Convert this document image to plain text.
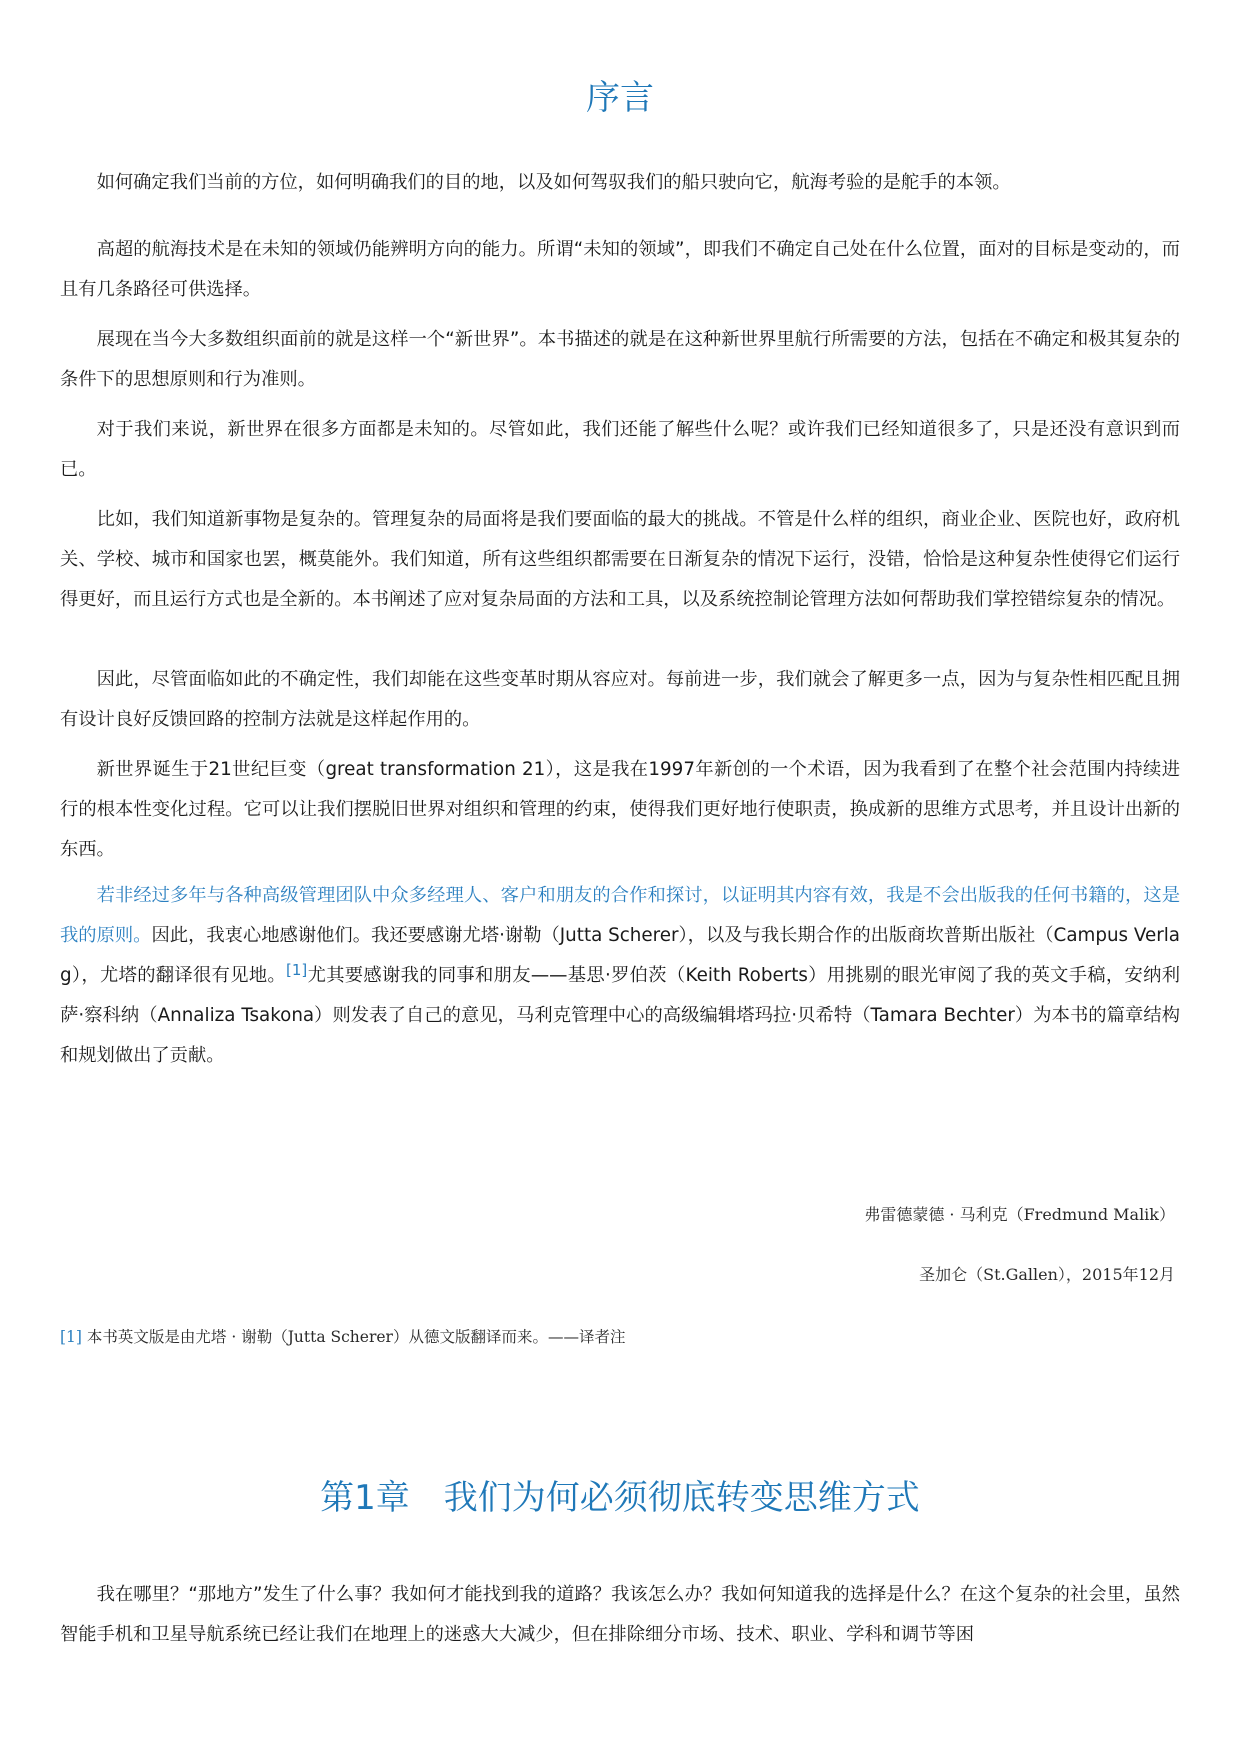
序言

如何确定我们当前的方位，如何明确我们的目的地，以及如何驾驭我们的船只驶向它，航海考验的是舵手的本领。

高超的航海技术是在未知的领域仍能辨明方向的能力。所谓“未知的领域”，即我们不确定自己处在什么位置，面对的目标是变动的，而且有几条路径可供选择。

展现在当今大多数组织面前的就是这样一个“新世界”。本书描述的就是在这种新世界里航行所需要的方法，包括在不确定和极其复杂的条件下的思想原则和行为准则。

对于我们来说，新世界在很多方面都是未知的。尽管如此，我们还能了解些什么呢？或许我们已经知道很多了，只是还没有意识到而已。

比如，我们知道新事物是复杂的。管理复杂的局面将是我们要面临的最大的挑战。不管是什么样的组织，商业企业、医院也好，政府机关、学校、城市和国家也罢，概莫能外。我们知道，所有这些组织都需要在日渐复杂的情况下运行，没错，恰恰是这种复杂性使得它们运行得更好，而且运行方式也是全新的。本书阐述了应对复杂局面的方法和工具，以及系统控制论管理方法如何帮助我们掌控错综复杂的情况。

因此，尽管面临如此的不确定性，我们却能在这些变革时期从容应对。每前进一步，我们就会了解更多一点，因为与复杂性相匹配且拥有设计良好反馈回路的控制方法就是这样起作用的。

新世界诞生于21世纪巨变（great transformation 21），这是我在1997年新创的一个术语，因为我看到了在整个社会范围内持续进行的根本性变化过程。它可以让我们摆脱旧世界对组织和管理的约束，使得我们更好地行使职责，换成新的思维方式思考，并且设计出新的东西。

若非经过多年与各种高级管理团队中众多经理人、客户和朋友的合作和探讨，以证明其内容有效，我是不会出版我的任何书籍的，这是我的原则。因此，我衷心地感谢他们。我还要感谢尤塔·谢勒（Jutta Scherer），以及与我长期合作的出版商坎普斯出版社（Campus Verlag），尤塔的翻译很有见地。[1]尤其要感谢我的同事和朋友——基思·罗伯茨（Keith Roberts）用挑剔的眼光审阅了我的英文手稿，安纳利萨·察科纳（Annaliza Tsakona）则发表了自己的意见，马利克管理中心的高级编辑塔玛拉·贝希特（Tamara Bechter）为本书的篇章结构和规划做出了贡献。

弗雷德蒙德 · 马利克（Fredmund Malik）
圣加仑（St.Gallen），2015年12月
[1] 本书英文版是由尤塔 · 谢勒（Jutta Scherer）从德文版翻译而来。——译者注
第1章　我们为何必须彻底转变思维方式

我在哪里？“那地方”发生了什么事？我如何才能找到我的道路？我该怎么办？我如何知道我的选择是什么？在这个复杂的社会里，虽然智能手机和卫星导航系统已经让我们在地理上的迷惑大大减少，但在排除细分市场、技术、职业、学科和调节等困
